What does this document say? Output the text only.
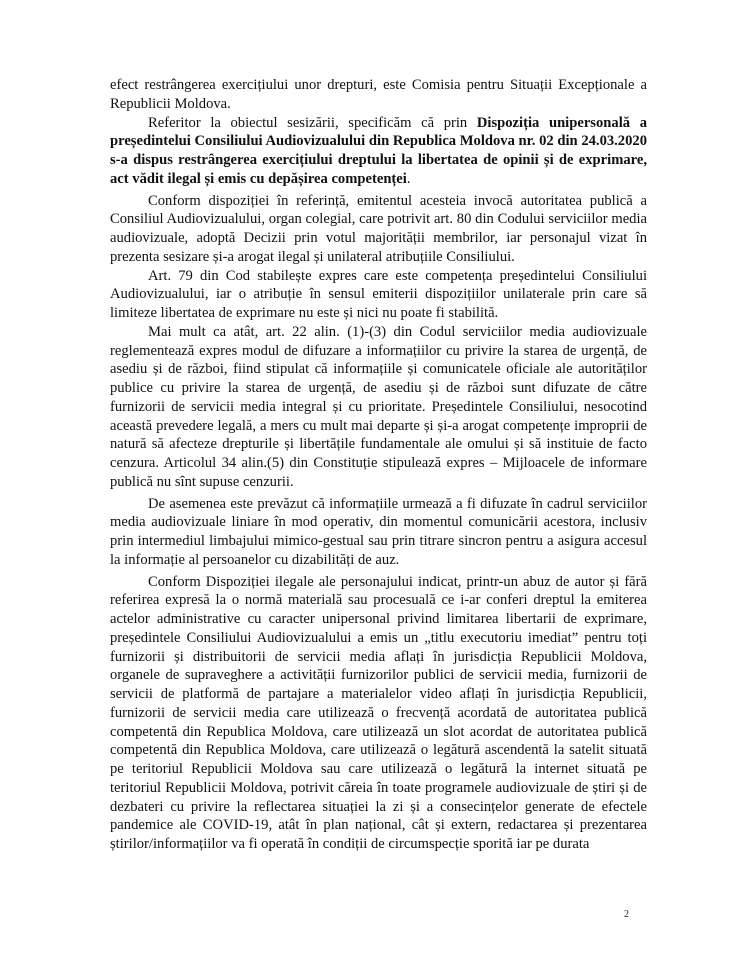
efect restrângerea exercițiului unor drepturi, este Comisia pentru Situații Excepționale a Republicii Moldova.

Referitor la obiectul sesizării, specificăm că prin Dispoziția unipersonală a președintelui Consiliului Audiovizualului din Republica Moldova nr. 02 din 24.03.2020 s-a dispus restrângerea exercițiului dreptului la libertatea de opinii și de exprimare, act vădit ilegal și emis cu depășirea competenței.

Conform dispoziției în referință, emitentul acesteia invocă autoritatea publică a Consiliul Audiovizualului, organ colegial, care potrivit art. 80 din Codului serviciilor media audiovizuale, adoptă Decizii prin votul majorității membrilor, iar personajul vizat în prezenta sesizare și-a arogat ilegal și unilateral atribuțiile Consiliului.

Art. 79 din Cod stabilește expres care este competența președintelui Consiliului Audiovizualului, iar o atribuție în sensul emiterii dispozițiilor unilaterale prin care să limiteze libertatea de exprimare nu este și nici nu poate fi stabilită.

Mai mult ca atât, art. 22 alin. (1)-(3) din Codul serviciilor media audiovizuale reglementează expres modul de difuzare a informațiilor cu privire la starea de urgență, de asediu și de război, fiind stipulat că informațiile și comunicatele oficiale ale autorităților publice cu privire la starea de urgență, de asediu și de război sunt difuzate de către furnizorii de servicii media integral și cu prioritate. Președintele Consiliului, nesocotind această prevedere legală, a mers cu mult mai departe și și-a arogat competențe improprii de natură să afecteze drepturile și libertățile fundamentale ale omului și să instituie de facto cenzura. Articolul 34 alin.(5) din Constituție stipulează expres – Mijloacele de informare publică nu sînt supuse cenzurii.

De asemenea este prevăzut că informațiile urmează a fi difuzate în cadrul serviciilor media audiovizuale liniare în mod operativ, din momentul comunicării acestora, inclusiv prin intermediul limbajului mimico-gestual sau prin titrare sincron pentru a asigura accesul la informație al persoanelor cu dizabilități de auz.

Conform Dispoziției ilegale ale personajului indicat, printr-un abuz de autor și fără referirea expresă la o normă materială sau procesuală ce i-ar conferi dreptul la emiterea actelor administrative cu caracter unipersonal privind limitarea libertarii de exprimare, președintele Consiliului Audiovizualului a emis un „titlu executoriu imediat” pentru toți furnizorii și distribuitorii de servicii media aflați în jurisdicția Republicii Moldova, organele de supraveghere a activității furnizorilor publici de servicii media, furnizorii de servicii de platformă de partajare a materialelor video aflați în jurisdicția Republicii, furnizorii de servicii media care utilizează o frecvență acordată de autoritatea publică competentă din Republica Moldova, care utilizează un slot acordat de autoritatea publică competentă din Republica Moldova, care utilizează o legătură ascendentă la satelit situată pe teritoriul Republicii Moldova sau care utilizează o legătură la internet situată pe teritoriul Republicii Moldova, potrivit căreia în toate programele audiovizuale de știri și de dezbateri cu privire la reflectarea situației la zi și a consecințelor generate de efectele pandemice ale COVID-19, atât în plan național, cât și extern, redactarea și prezentarea știrilor/informațiilor va fi operată în condiții de circumspecție sporită iar pe durata

2
